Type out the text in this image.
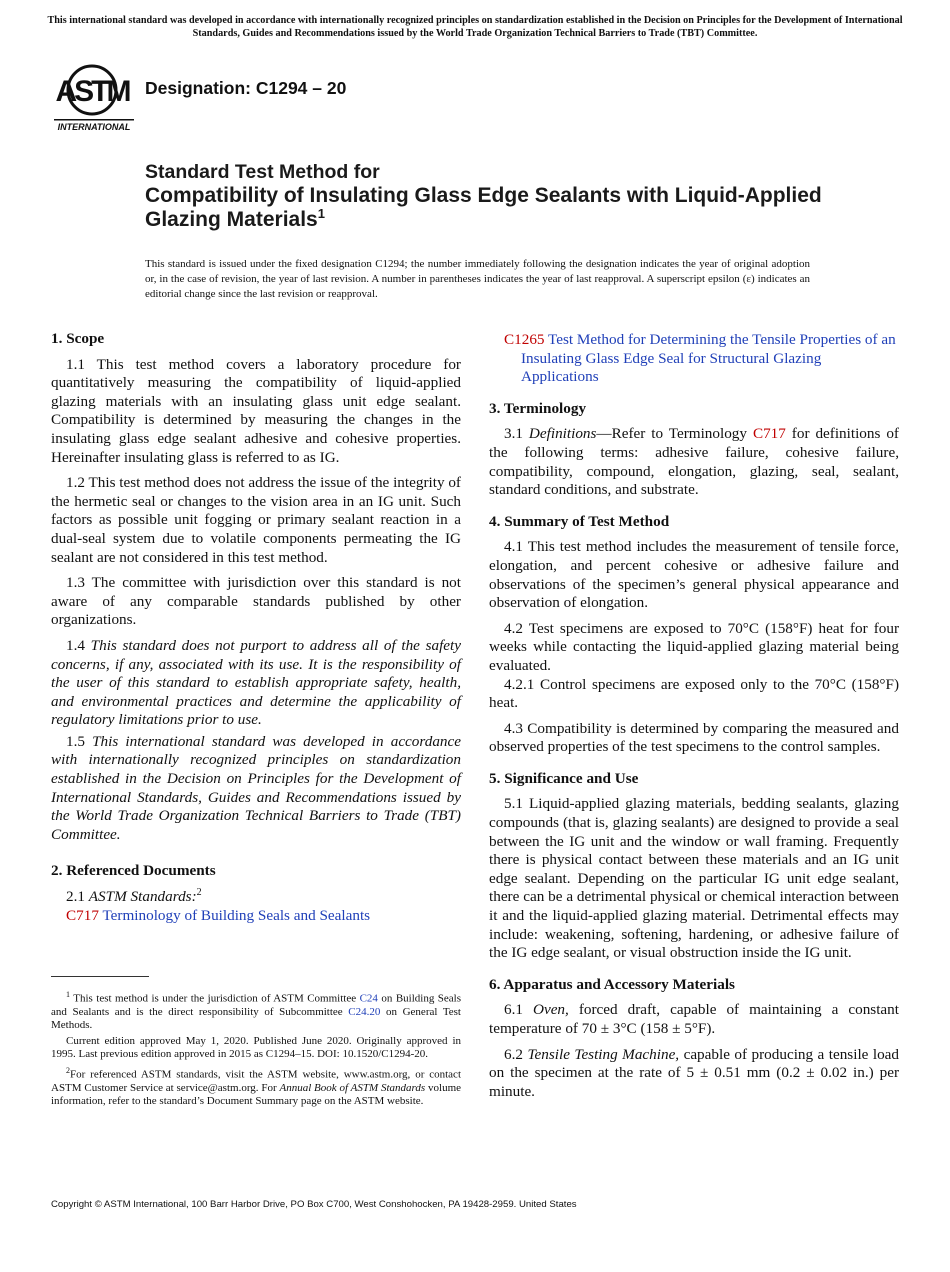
This international standard was developed in accordance with internationally recognized principles on standardization established in the Decision on Principles for the Development of International Standards, Guides and Recommendations issued by the World Trade Organization Technical Barriers to Trade (TBT) Committee.
ASTM
INTERNATIONAL
Designation: C1294 – 20
Standard Test Method for
Compatibility of Insulating Glass Edge Sealants with Liquid-Applied Glazing Materials$^1$
This standard is issued under the fixed designation C1294; the number immediately following the designation indicates the year of original adoption or, in the case of revision, the year of last revision. A number in parentheses indicates the year of last reapproval. A superscript epsilon (ε) indicates an editorial change since the last revision or reapproval.
1. Scope

1.1 This test method covers a laboratory procedure for quantitatively measuring the compatibility of liquid-applied glazing materials with an insulating glass unit edge sealant. Compatibility is determined by measuring the changes in the insulating glass edge sealant adhesive and cohesive properties. Hereinafter insulating glass is referred to as IG.

1.2 This test method does not address the issue of the integrity of the hermetic seal or changes to the vision area in an IG unit. Such factors as possible unit fogging or primary sealant reaction in a dual-seal system due to volatile components permeating the IG sealant are not considered in this test method.

1.3 The committee with jurisdiction over this standard is not aware of any comparable standards published by other organizations.

1.4 This standard does not purport to address all of the safety concerns, if any, associated with its use. It is the responsibility of the user of this standard to establish appropriate safety, health, and environmental practices and determine the applicability of regulatory limitations prior to use.

1.5 This international standard was developed in accordance with internationally recognized principles on standardization established in the Decision on Principles for the Development of International Standards, Guides and Recommendations issued by the World Trade Organization Technical Barriers to Trade (TBT) Committee.

2. Referenced Documents

2.1 ASTM Standards:$^2$

C717 Terminology of Building Seals and Sealants

$^1$ This test method is under the jurisdiction of ASTM Committee C24 on Building Seals and Sealants and is the direct responsibility of Subcommittee C24.20 on General Test Methods.

Current edition approved May 1, 2020. Published June 2020. Originally approved in 1995. Last previous edition approved in 2015 as C1294–15. DOI: 10.1520/C1294-20.

$^2$For referenced ASTM standards, visit the ASTM website, www.astm.org, or contact ASTM Customer Service at service@astm.org. For Annual Book of ASTM Standards volume information, refer to the standard’s Document Summary page on the ASTM website.

C1265 Test Method for Determining the Tensile Properties of an Insulating Glass Edge Seal for Structural Glazing Applications

3. Terminology

3.1 Definitions—Refer to Terminology C717 for definitions of the following terms: adhesive failure, cohesive failure, compatibility, compound, elongation, glazing, seal, sealant, standard conditions, and substrate.

4. Summary of Test Method

4.1 This test method includes the measurement of tensile force, elongation, and percent cohesive or adhesive failure and observations of the specimen’s general physical appearance and observation of elongation.

4.2 Test specimens are exposed to 70°C (158°F) heat for four weeks while contacting the liquid-applied glazing material being evaluated.

4.2.1 Control specimens are exposed only to the 70°C (158°F) heat.

4.3 Compatibility is determined by comparing the measured and observed properties of the test specimens to the control samples.

5. Significance and Use

5.1 Liquid-applied glazing materials, bedding sealants, glazing compounds (that is, glazing sealants) are designed to provide a seal between the IG unit and the window or wall framing. Frequently there is physical contact between these materials and an IG unit edge sealant. Depending on the particular IG unit edge sealant, there can be a detrimental physical or chemical interaction between it and the liquid-applied glazing material. Detrimental effects may include: weakening, softening, hardening, or adhesive failure of the IG edge sealant, or visual obstruction inside the IG unit.

6. Apparatus and Accessory Materials

6.1 Oven, forced draft, capable of maintaining a constant temperature of 70 ± 3°C (158 ± 5°F).

6.2 Tensile Testing Machine, capable of producing a tensile load on the specimen at the rate of 5 ± 0.51 mm (0.2 ± 0.02 in.) per minute.

Copyright © ASTM International, 100 Barr Harbor Drive, PO Box C700, West Conshohocken, PA 19428-2959. United States
